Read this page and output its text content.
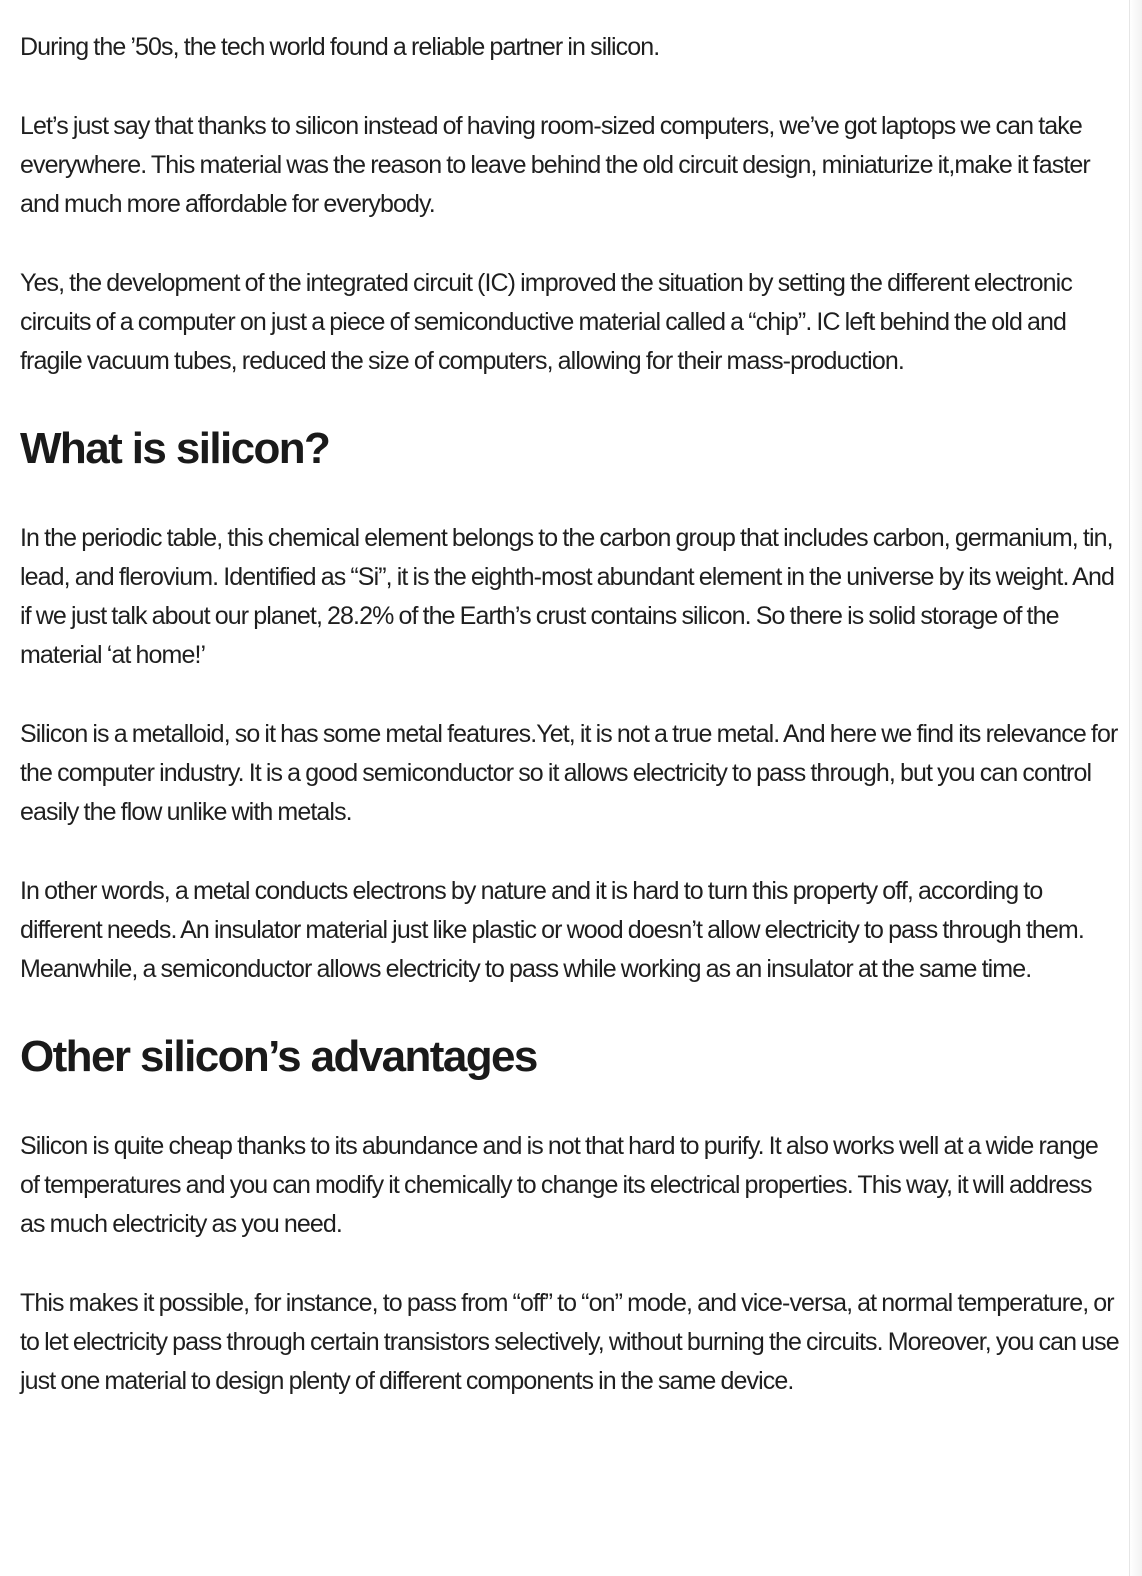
During the ’50s, the tech world found a reliable partner in silicon.

Let’s just say that thanks to silicon instead of having room-sized computers, we’ve got laptops we can take everywhere. This material was the reason to leave behind the old circuit design, miniaturize it,make it faster and much more affordable for everybody.

Yes, the development of the integrated circuit (IC) improved the situation by setting the different electronic circuits of a computer on just a piece of semiconductive material called a “chip”. IC left behind the old and fragile vacuum tubes, reduced the size of computers, allowing for their mass-production.

What is silicon?

In the periodic table, this chemical element belongs to the carbon group that includes carbon, germanium, tin, lead, and flerovium. Identified as “Si”, it is the eighth-most abundant element in the universe by its weight. And if we just talk about our planet, 28.2% of the Earth’s crust contains silicon. So there is solid storage of the material ‘at home!’

Silicon is a metalloid, so it has some metal features.Yet, it is not a true metal. And here we find its relevance for the computer industry. It is a good semiconductor so it allows electricity to pass through, but you can control easily the flow unlike with metals.

In other words, a metal conducts electrons by nature and it is hard to turn this property off, according to different needs. An insulator material just like plastic or wood doesn’t allow electricity to pass through them. Meanwhile, a semiconductor allows electricity to pass while working as an insulator at the same time.

Other silicon’s advantages

Silicon is quite cheap thanks to its abundance and is not that hard to purify. It also works well at a wide range of temperatures and you can modify it chemically to change its electrical properties. This way, it will address as much electricity as you need.

This makes it possible, for instance, to pass from “off” to “on” mode, and vice-versa, at normal temperature, or to let electricity pass through certain transistors selectively, without burning the circuits. Moreover, you can use just one material to design plenty of different components in the same device.
